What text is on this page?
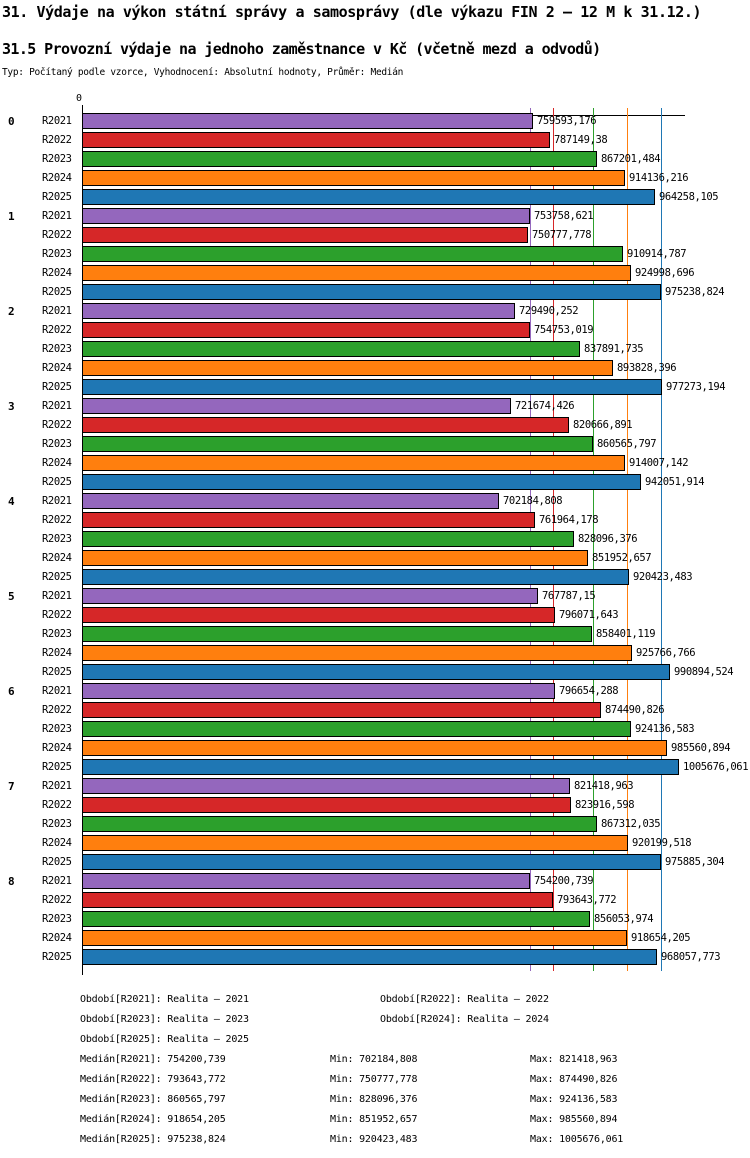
31. Výdaje na výkon státní správy a samosprávy (dle výkazu FIN 2 – 12 M k 31.12.)
31.5 Provozní výdaje na jednoho zaměstnance v Kč (včetně mezd a odvodů)
Typ: Počítaný podle vzorce, Vyhodnocení: Absolutní hodnoty, Průměr: Medián
0
0	R2021	759593,176
R2022	787149,38
R2023	867201,484
R2024	914136,216
R2025	964258,105
1	R2021	753758,621
R2022	750777,778
R2023	910914,787
R2024	924998,696
R2025	975238,824
2	R2021	729490,252
R2022	754753,019
R2023	837891,735
R2024	893828,396
R2025	977273,194
3	R2021	721674,426
R2022	820666,891
R2023	860565,797
R2024	914007,142
R2025	942051,914
4	R2021	702184,808
R2022	761964,178
R2023	828096,376
R2024	851952,657
R2025	920423,483
5	R2021	767787,15
R2022	796071,643
R2023	858401,119
R2024	925766,766
R2025	990894,524
6	R2021	796654,288
R2022	874490,826
R2023	924136,583
R2024	985560,894
R2025	1005676,061
7	R2021	821418,963
R2022	823916,598
R2023	867312,035
R2024	920199,518
R2025	975885,304
8	R2021	754200,739
R2022	793643,772
R2023	856053,974
R2024	918654,205
R2025	968057,773
Období[R2021]: Realita – 2021	Období[R2022]: Realita – 2022
Období[R2023]: Realita – 2023	Období[R2024]: Realita – 2024
Období[R2025]: Realita – 2025
Medián[R2021]: 754200,739	Min: 702184,808	Max: 821418,963
Medián[R2022]: 793643,772	Min: 750777,778	Max: 874490,826
Medián[R2023]: 860565,797	Min: 828096,376	Max: 924136,583
Medián[R2024]: 918654,205	Min: 851952,657	Max: 985560,894
Medián[R2025]: 975238,824	Min: 920423,483	Max: 1005676,061
